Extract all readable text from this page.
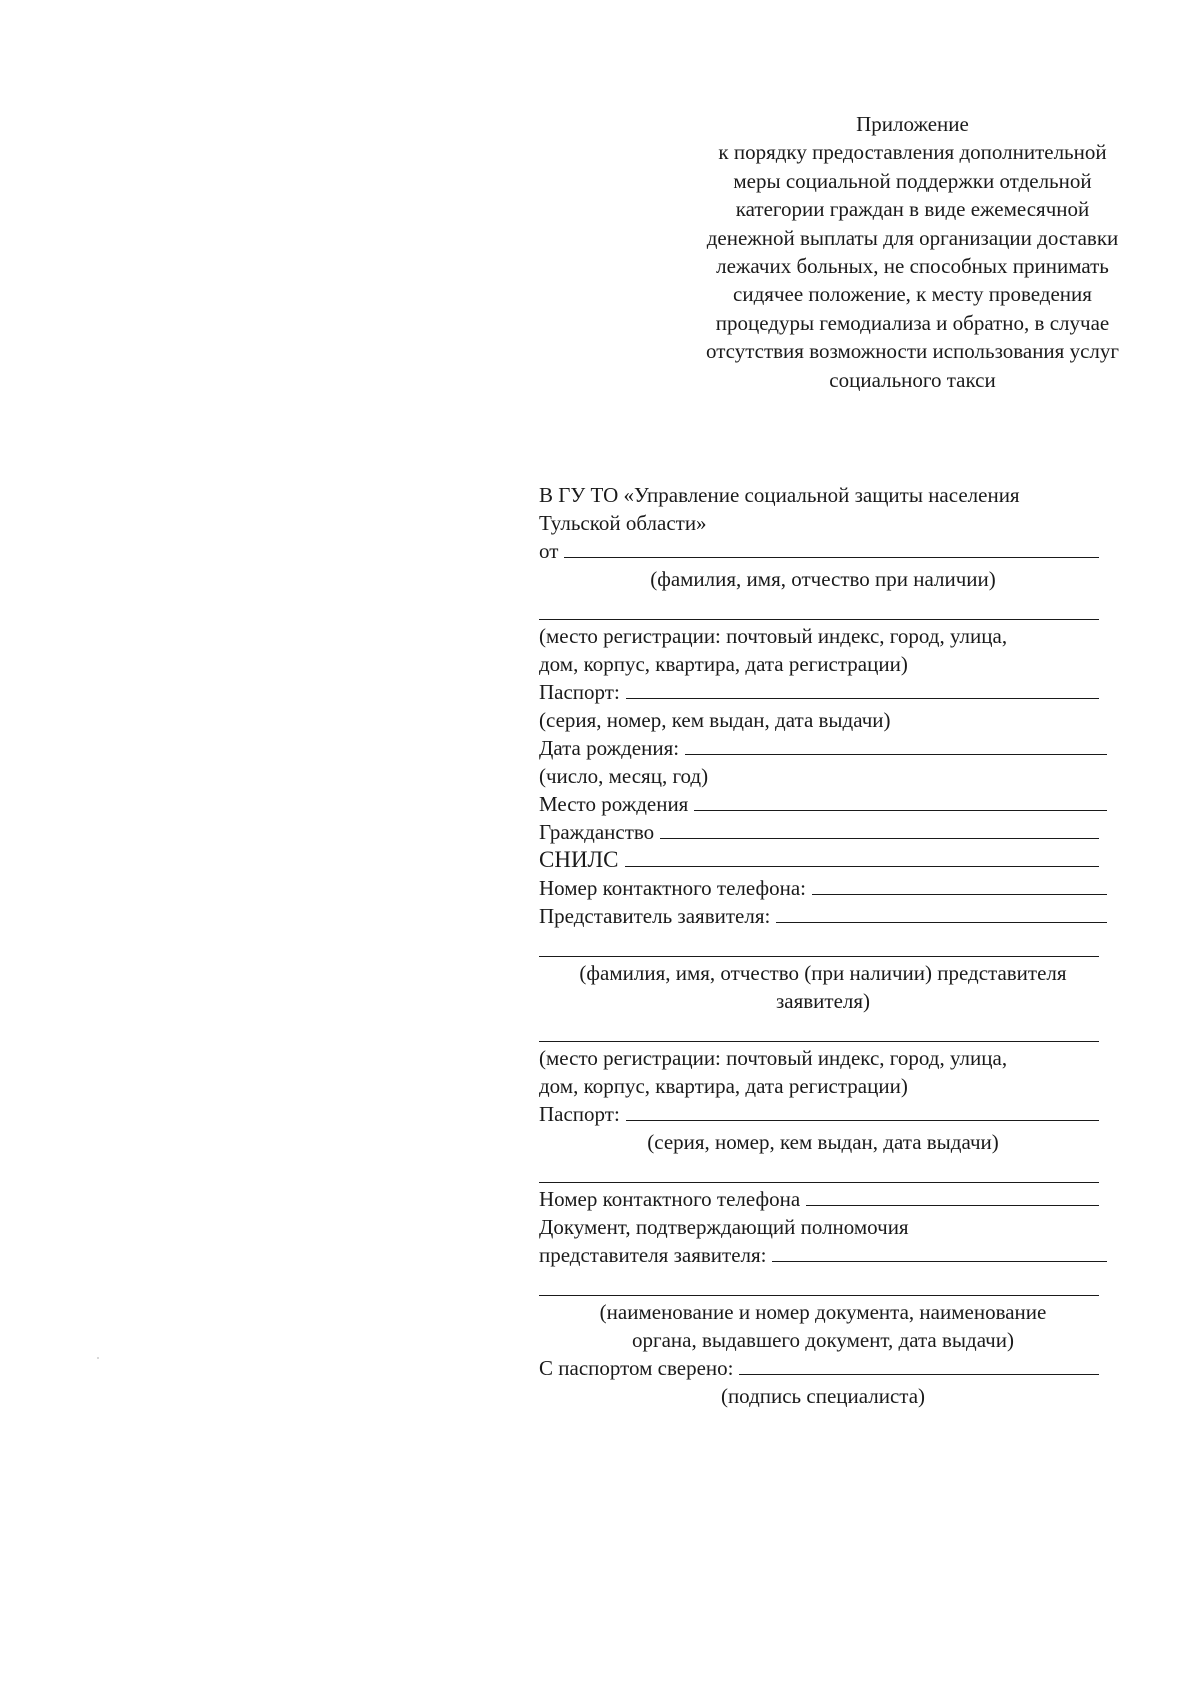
Приложение
к порядку предоставления дополнительной
меры социальной поддержки отдельной
категории граждан в виде ежемесячной
денежной выплаты для организации доставки
лежачих больных, не способных принимать
сидячее положение, к месту проведения
процедуры гемодиализа и обратно, в случае
отсутствия возможности использования услуг
социального такси
В ГУ ТО «Управление социальной защиты населения
Тульской области»
от
(фамилия, имя, отчество при наличии)
(место регистрации: почтовый индекс, город, улица,
дом, корпус, квартира, дата регистрации)
Паспорт:
(серия, номер, кем выдан, дата выдачи)
Дата рождения:
(число, месяц, год)
Место рождения
Гражданство
СНИЛС
Номер контактного телефона:
Представитель заявителя:
(фамилия, имя, отчество (при наличии) представителя
заявителя)
(место регистрации: почтовый индекс, город, улица,
дом, корпус, квартира, дата регистрации)
Паспорт:
(серия, номер, кем выдан, дата выдачи)
Номер контактного телефона
Документ, подтверждающий полномочия
представителя заявителя:
(наименование и номер документа, наименование
органа, выдавшего документ, дата выдачи)
С паспортом сверено:
(подпись специалиста)
